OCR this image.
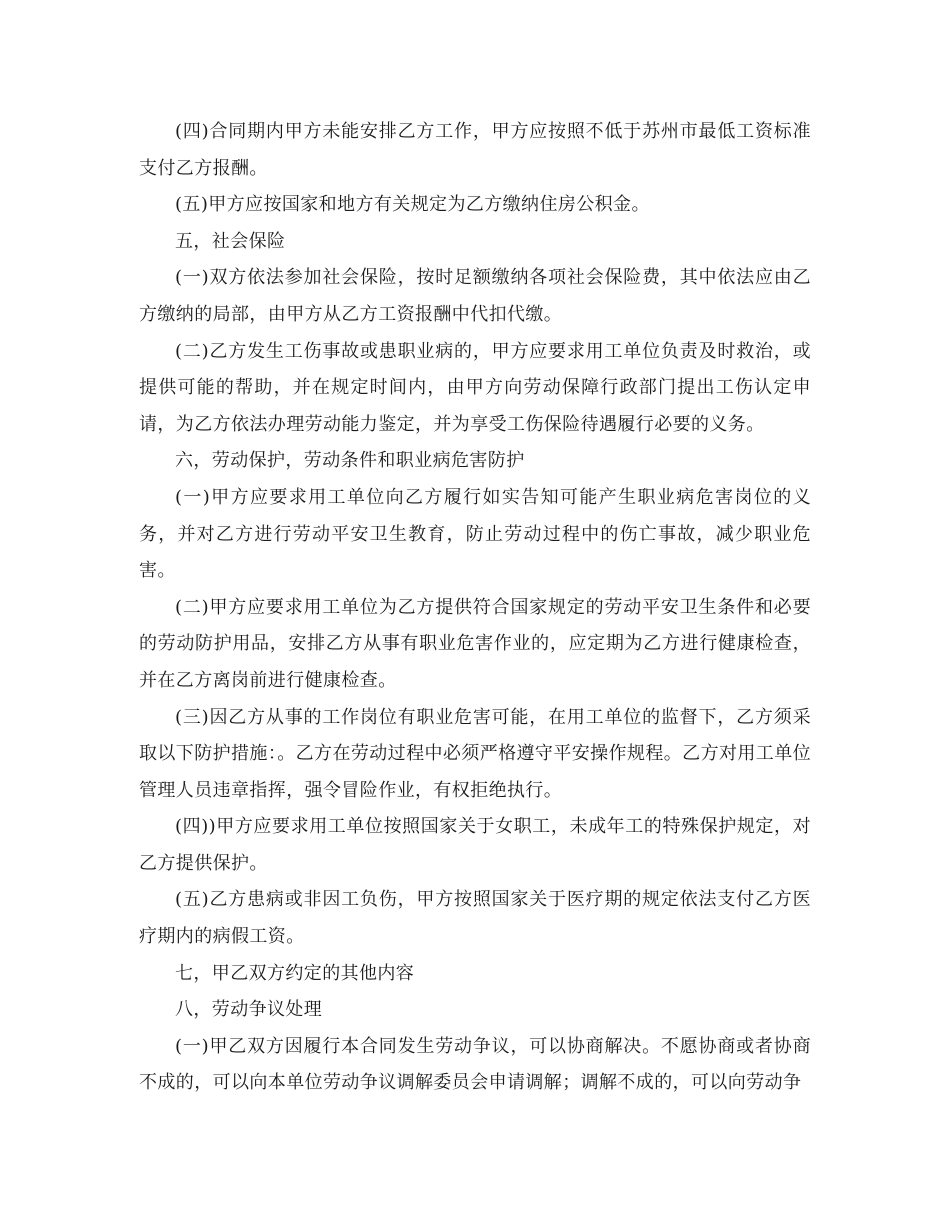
(四)合同期内甲方未能安排乙方工作，甲方应按照不低于苏州市最低工资标准支付乙方报酬。

(五)甲方应按国家和地方有关规定为乙方缴纳住房公积金。

五，社会保险

(一)双方依法参加社会保险，按时足额缴纳各项社会保险费，其中依法应由乙方缴纳的局部，由甲方从乙方工资报酬中代扣代缴。

(二)乙方发生工伤事故或患职业病的，甲方应要求用工单位负责及时救治，或提供可能的帮助，并在规定时间内，由甲方向劳动保障行政部门提出工伤认定申请，为乙方依法办理劳动能力鉴定，并为享受工伤保险待遇履行必要的义务。

六，劳动保护，劳动条件和职业病危害防护

(一)甲方应要求用工单位向乙方履行如实告知可能产生职业病危害岗位的义务，并对乙方进行劳动平安卫生教育，防止劳动过程中的伤亡事故，减少职业危害。

(二)甲方应要求用工单位为乙方提供符合国家规定的劳动平安卫生条件和必要的劳动防护用品，安排乙方从事有职业危害作业的，应定期为乙方进行健康检查，并在乙方离岗前进行健康检查。

(三)因乙方从事的工作岗位有职业危害可能，在用工单位的监督下，乙方须采取以下防护措施：。乙方在劳动过程中必须严格遵守平安操作规程。乙方对用工单位管理人员违章指挥，强令冒险作业，有权拒绝执行。

(四))甲方应要求用工单位按照国家关于女职工，未成年工的特殊保护规定，对乙方提供保护。

(五)乙方患病或非因工负伤，甲方按照国家关于医疗期的规定依法支付乙方医疗期内的病假工资。

七，甲乙双方约定的其他内容

八，劳动争议处理

(一)甲乙双方因履行本合同发生劳动争议，可以协商解决。不愿协商或者协商不成的，可以向本单位劳动争议调解委员会申请调解；调解不成的，可以向劳动争
